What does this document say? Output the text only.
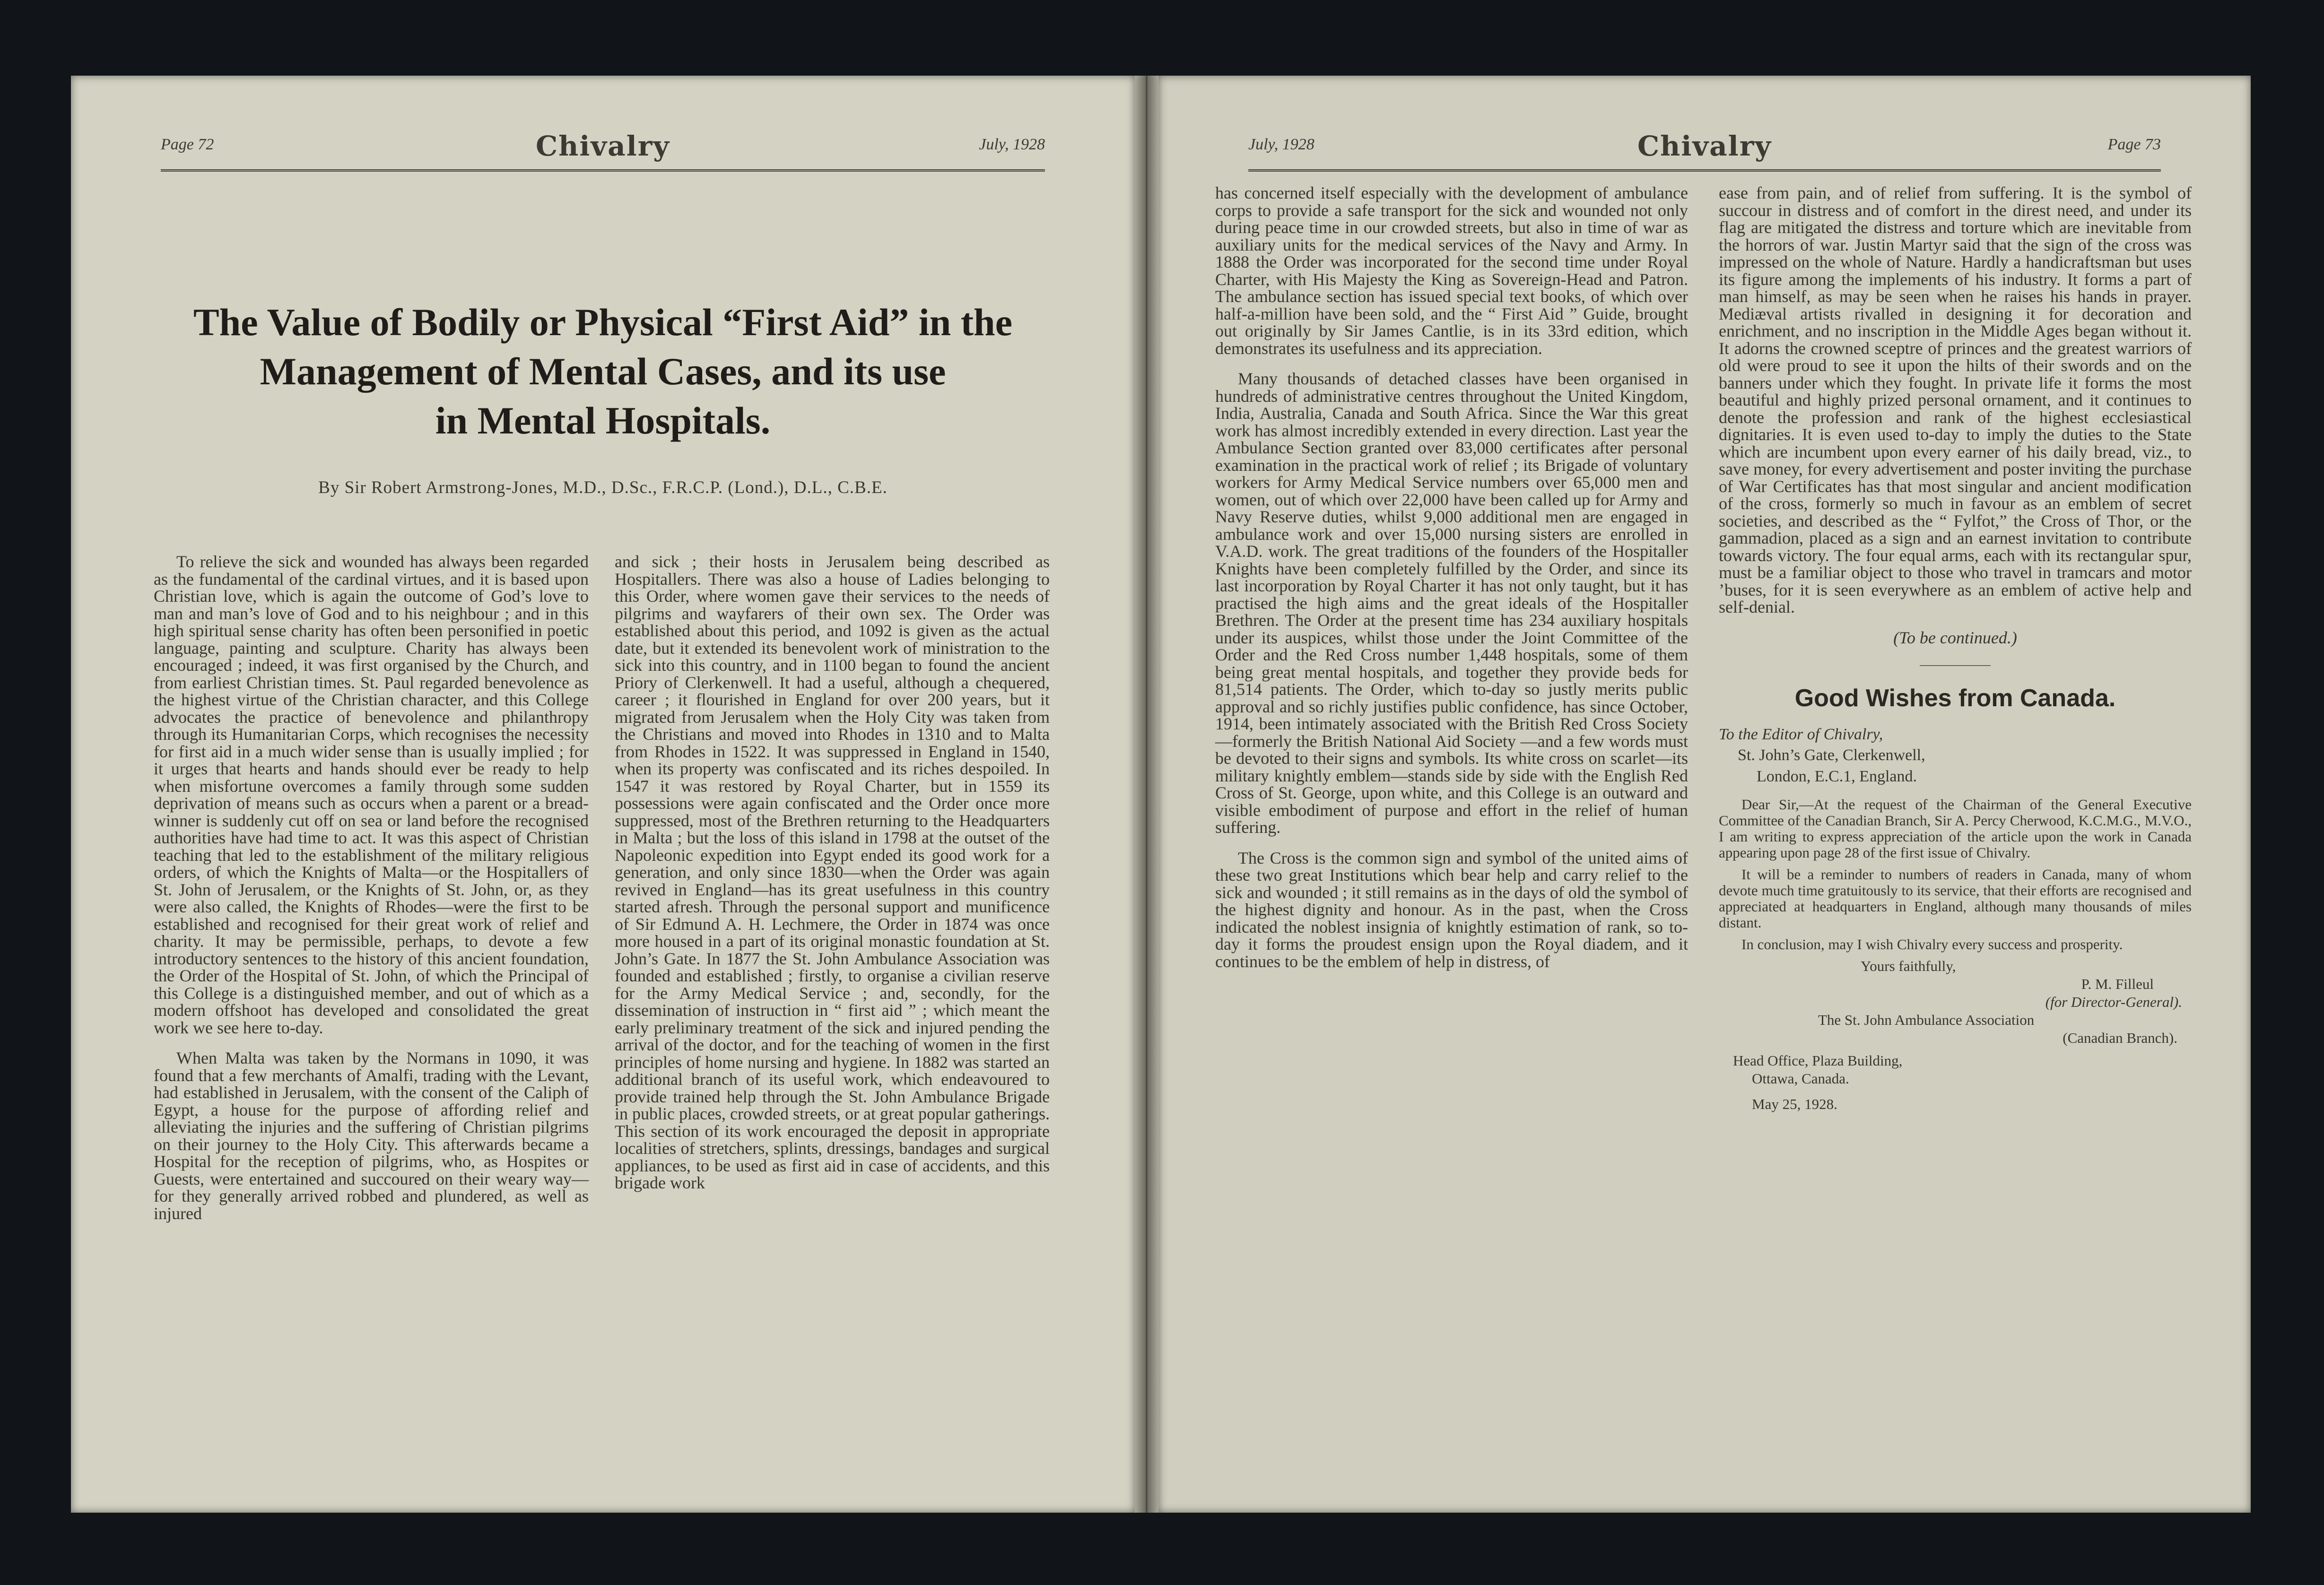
Page 72	Chivalry	July, 1928
The Value of Bodily or Physical “First Aid” in the
Management of Mental Cases, and its use
in Mental Hospitals.
By Sir Robert Armstrong-Jones, M.D., D.Sc., F.R.C.P. (Lond.), D.L., C.B.E.

To relieve the sick and wounded has always been regarded as the fundamental of the cardinal virtues, and it is based upon Christian love, which is again the outcome of God’s love to man and man’s love of God and to his neighbour ; and in this high spiritual sense charity has often been personified in poetic language, painting and sculpture. Charity has always been encouraged ; indeed, it was first organised by the Church, and from earliest Christian times. St. Paul regarded benevolence as the highest virtue of the Christian character, and this College advocates the practice of benevolence and philanthropy through its Humanitarian Corps, which recognises the necessity for first aid in a much wider sense than is usually implied ; for it urges that hearts and hands should ever be ready to help when misfortune overcomes a family through some sudden deprivation of means such as occurs when a parent or a bread-winner is suddenly cut off on sea or land before the recognised authorities have had time to act. It was this aspect of Christian teaching that led to the establishment of the military religious orders, of which the Knights of Malta—or the Hospitallers of St. John of Jerusalem, or the Knights of St. John, or, as they were also called, the Knights of Rhodes—were the first to be established and recognised for their great work of relief and charity. It may be permissible, perhaps, to devote a few introductory sentences to the history of this ancient foundation, the Order of the Hospital of St. John, of which the Principal of this College is a distinguished member, and out of which as a modern offshoot has developed and consolidated the great work we see here to-day.

When Malta was taken by the Normans in 1090, it was found that a few merchants of Amalfi, trading with the Levant, had established in Jerusalem, with the consent of the Caliph of Egypt, a house for the purpose of affording relief and alleviating the injuries and the suffering of Christian pilgrims on their journey to the Holy City. This afterwards became a Hospital for the reception of pilgrims, who, as Hospites or Guests, were entertained and succoured on their weary way—for they generally arrived robbed and plundered, as well as injured

and sick ; their hosts in Jerusalem being described as Hospitallers. There was also a house of Ladies belonging to this Order, where women gave their services to the needs of pilgrims and wayfarers of their own sex. The Order was established about this period, and 1092 is given as the actual date, but it extended its benevolent work of ministration to the sick into this country, and in 1100 began to found the ancient Priory of Clerkenwell. It had a useful, although a chequered, career ; it flourished in England for over 200 years, but it migrated from Jerusalem when the Holy City was taken from the Christians and moved into Rhodes in 1310 and to Malta from Rhodes in 1522. It was suppressed in England in 1540, when its property was confiscated and its riches despoiled. In 1547 it was restored by Royal Charter, but in 1559 its possessions were again confiscated and the Order once more suppressed, most of the Brethren returning to the Headquarters in Malta ; but the loss of this island in 1798 at the outset of the Napoleonic expedition into Egypt ended its good work for a generation, and only since 1830—when the Order was again revived in England—has its great usefulness in this country started afresh. Through the personal support and munificence of Sir Edmund A. H. Lechmere, the Order in 1874 was once more housed in a part of its original monastic foundation at St. John’s Gate. In 1877 the St. John Ambulance Association was founded and established ; firstly, to organise a civilian reserve for the Army Medical Service ; and, secondly, for the dissemination of instruction in “ first aid ” ; which meant the early preliminary treatment of the sick and injured pending the arrival of the doctor, and for the teaching of women in the first principles of home nursing and hygiene. In 1882 was started an additional branch of its useful work, which endeavoured to provide trained help through the St. John Ambulance Brigade in public places, crowded streets, or at great popular gatherings. This section of its work encouraged the deposit in appropriate localities of stretchers, splints, dressings, bandages and surgical appliances, to be used as first aid in case of accidents, and this brigade work

July, 1928	Chivalry	Page 73

has concerned itself especially with the development of ambulance corps to provide a safe transport for the sick and wounded not only during peace time in our crowded streets, but also in time of war as auxiliary units for the medical services of the Navy and Army. In 1888 the Order was incorporated for the second time under Royal Charter, with His Majesty the King as Sovereign-Head and Patron. The ambulance section has issued special text books, of which over half-a-million have been sold, and the “ First Aid ” Guide, brought out originally by Sir James Cantlie, is in its 33rd edition, which demonstrates its usefulness and its appreciation.

Many thousands of detached classes have been organised in hundreds of administrative centres throughout the United Kingdom, India, Australia, Canada and South Africa. Since the War this great work has almost incredibly extended in every direction. Last year the Ambulance Section granted over 83,000 certificates after personal examination in the practical work of relief ; its Brigade of voluntary workers for Army Medical Service numbers over 65,000 men and women, out of which over 22,000 have been called up for Army and Navy Reserve duties, whilst 9,000 additional men are engaged in ambulance work and over 15,000 nursing sisters are enrolled in V.A.D. work. The great traditions of the founders of the Hospitaller Knights have been completely fulfilled by the Order, and since its last incorporation by Royal Charter it has not only taught, but it has practised the high aims and the great ideals of the Hospitaller Brethren. The Order at the present time has 234 auxiliary hospitals under its auspices, whilst those under the Joint Committee of the Order and the Red Cross number 1,448 hospitals, some of them being great mental hospitals, and together they provide beds for 81,514 patients. The Order, which to-day so justly merits public approval and so richly justifies public confidence, has since October, 1914, been intimately associated with the British Red Cross Society—formerly the British National Aid Society —and a few words must be devoted to their signs and symbols. Its white cross on scarlet—its military knightly emblem—stands side by side with the English Red Cross of St. George, upon white, and this College is an outward and visible embodiment of purpose and effort in the relief of human suffering.

The Cross is the common sign and symbol of the united aims of these two great Institutions which bear help and carry relief to the sick and wounded ; it still remains as in the days of old the symbol of the highest dignity and honour. As in the past, when the Cross indicated the noblest insignia of knightly estimation of rank, so to-day it forms the proudest ensign upon the Royal diadem, and it continues to be the emblem of help in distress, of

ease from pain, and of relief from suffering. It is the symbol of succour in distress and of comfort in the direst need, and under its flag are mitigated the distress and torture which are inevitable from the horrors of war. Justin Martyr said that the sign of the cross was impressed on the whole of Nature. Hardly a handicraftsman but uses its figure among the implements of his industry. It forms a part of man himself, as may be seen when he raises his hands in prayer. Mediæval artists rivalled in designing it for decoration and enrichment, and no inscription in the Middle Ages began without it. It adorns the crowned sceptre of princes and the greatest warriors of old were proud to see it upon the hilts of their swords and on the banners under which they fought. In private life it forms the most beautiful and highly prized personal ornament, and it continues to denote the profession and rank of the highest ecclesiastical dignitaries. It is even used to-day to imply the duties to the State which are incumbent upon every earner of his daily bread, viz., to save money, for every advertisement and poster inviting the purchase of War Certificates has that most singular and ancient modification of the cross, formerly so much in favour as an emblem of secret societies, and described as the “ Fylfot,” the Cross of Thor, or the gammadion, placed as a sign and an earnest invitation to contribute towards victory. The four equal arms, each with its rectangular spur, must be a familiar object to those who travel in tramcars and motor ’buses, for it is seen everywhere as an emblem of active help and self-denial.

(To be continued.)

Good Wishes from Canada.

To the Editor of Chivalry,

St. John’s Gate, Clerkenwell,

London, E.C.1, England.

Dear Sir,—At the request of the Chairman of the General Executive Committee of the Canadian Branch, Sir A. Percy Cherwood, K.C.M.G., M.V.O., I am writing to express appreciation of the article upon the work in Canada appearing upon page 28 of the first issue of Chivalry.

It will be a reminder to numbers of readers in Canada, many of whom devote much time gratuitously to its service, that their efforts are recognised and appreciated at headquarters in England, although many thousands of miles distant.

In conclusion, may I wish Chivalry every success and prosperity.

Yours faithfully,

P. M. Filleul

(for Director-General).

The St. John Ambulance Association

(Canadian Branch).

Head Office, Plaza Building,

Ottawa, Canada.

May 25, 1928.
